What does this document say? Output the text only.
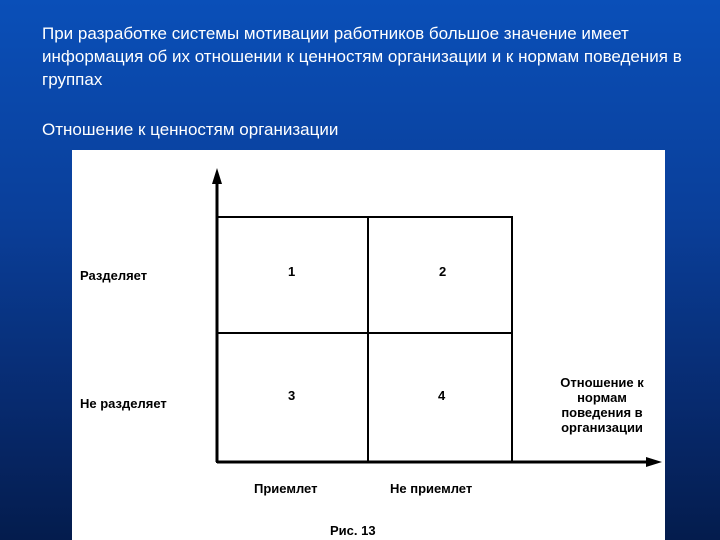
При разработке системы мотивации работников большое значение имеет информация об их отношении к ценностям организации и к нормам поведения в группах
Отношение к ценностям организации
Разделяет
Не разделяет
1	2
3	4
Отношение к нормам поведения в организации
Приемлет	Не приемлет
Рис. 13
